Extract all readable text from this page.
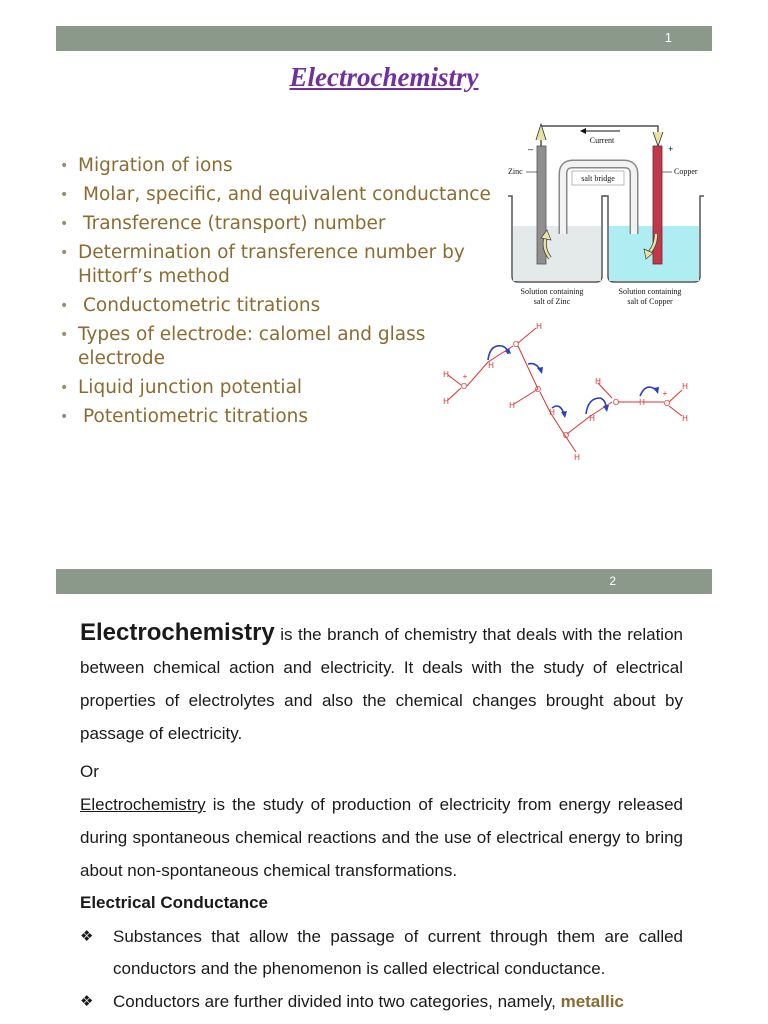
1
Electrochemistry
• Migration of ions
• Molar, specific, and equivalent conductance
• Transference (transport) number
• Determination of transference number by Hittorf’s method
• Conductometric titrations
• Types of electrode: calomel and glass electrode
• Liquid junction potential
• Potentiometric titrations
salt bridge
Current
–	+
Zinc	Copper
Solution containing
salt of Zinc
Solution containing
salt of Copper
H
H
O
+
H
O
H
O
H
H
O
H
H
H
O H O
+
H
H
2

Electrochemistry is the branch of chemistry that deals with the relation between chemical action and electricity. It deals with the study of electrical properties of electrolytes and also the chemical changes brought about by passage of electricity.

Or

Electrochemistry is the study of production of electricity from energy released during spontaneous chemical reactions and the use of electrical energy to bring about non-spontaneous chemical transformations.

Electrical Conductance
❖ Substances that allow the passage of current through them are called conductors and the phenomenon is called electrical conductance.
❖ Conductors are further divided into two categories, namely, metallic
